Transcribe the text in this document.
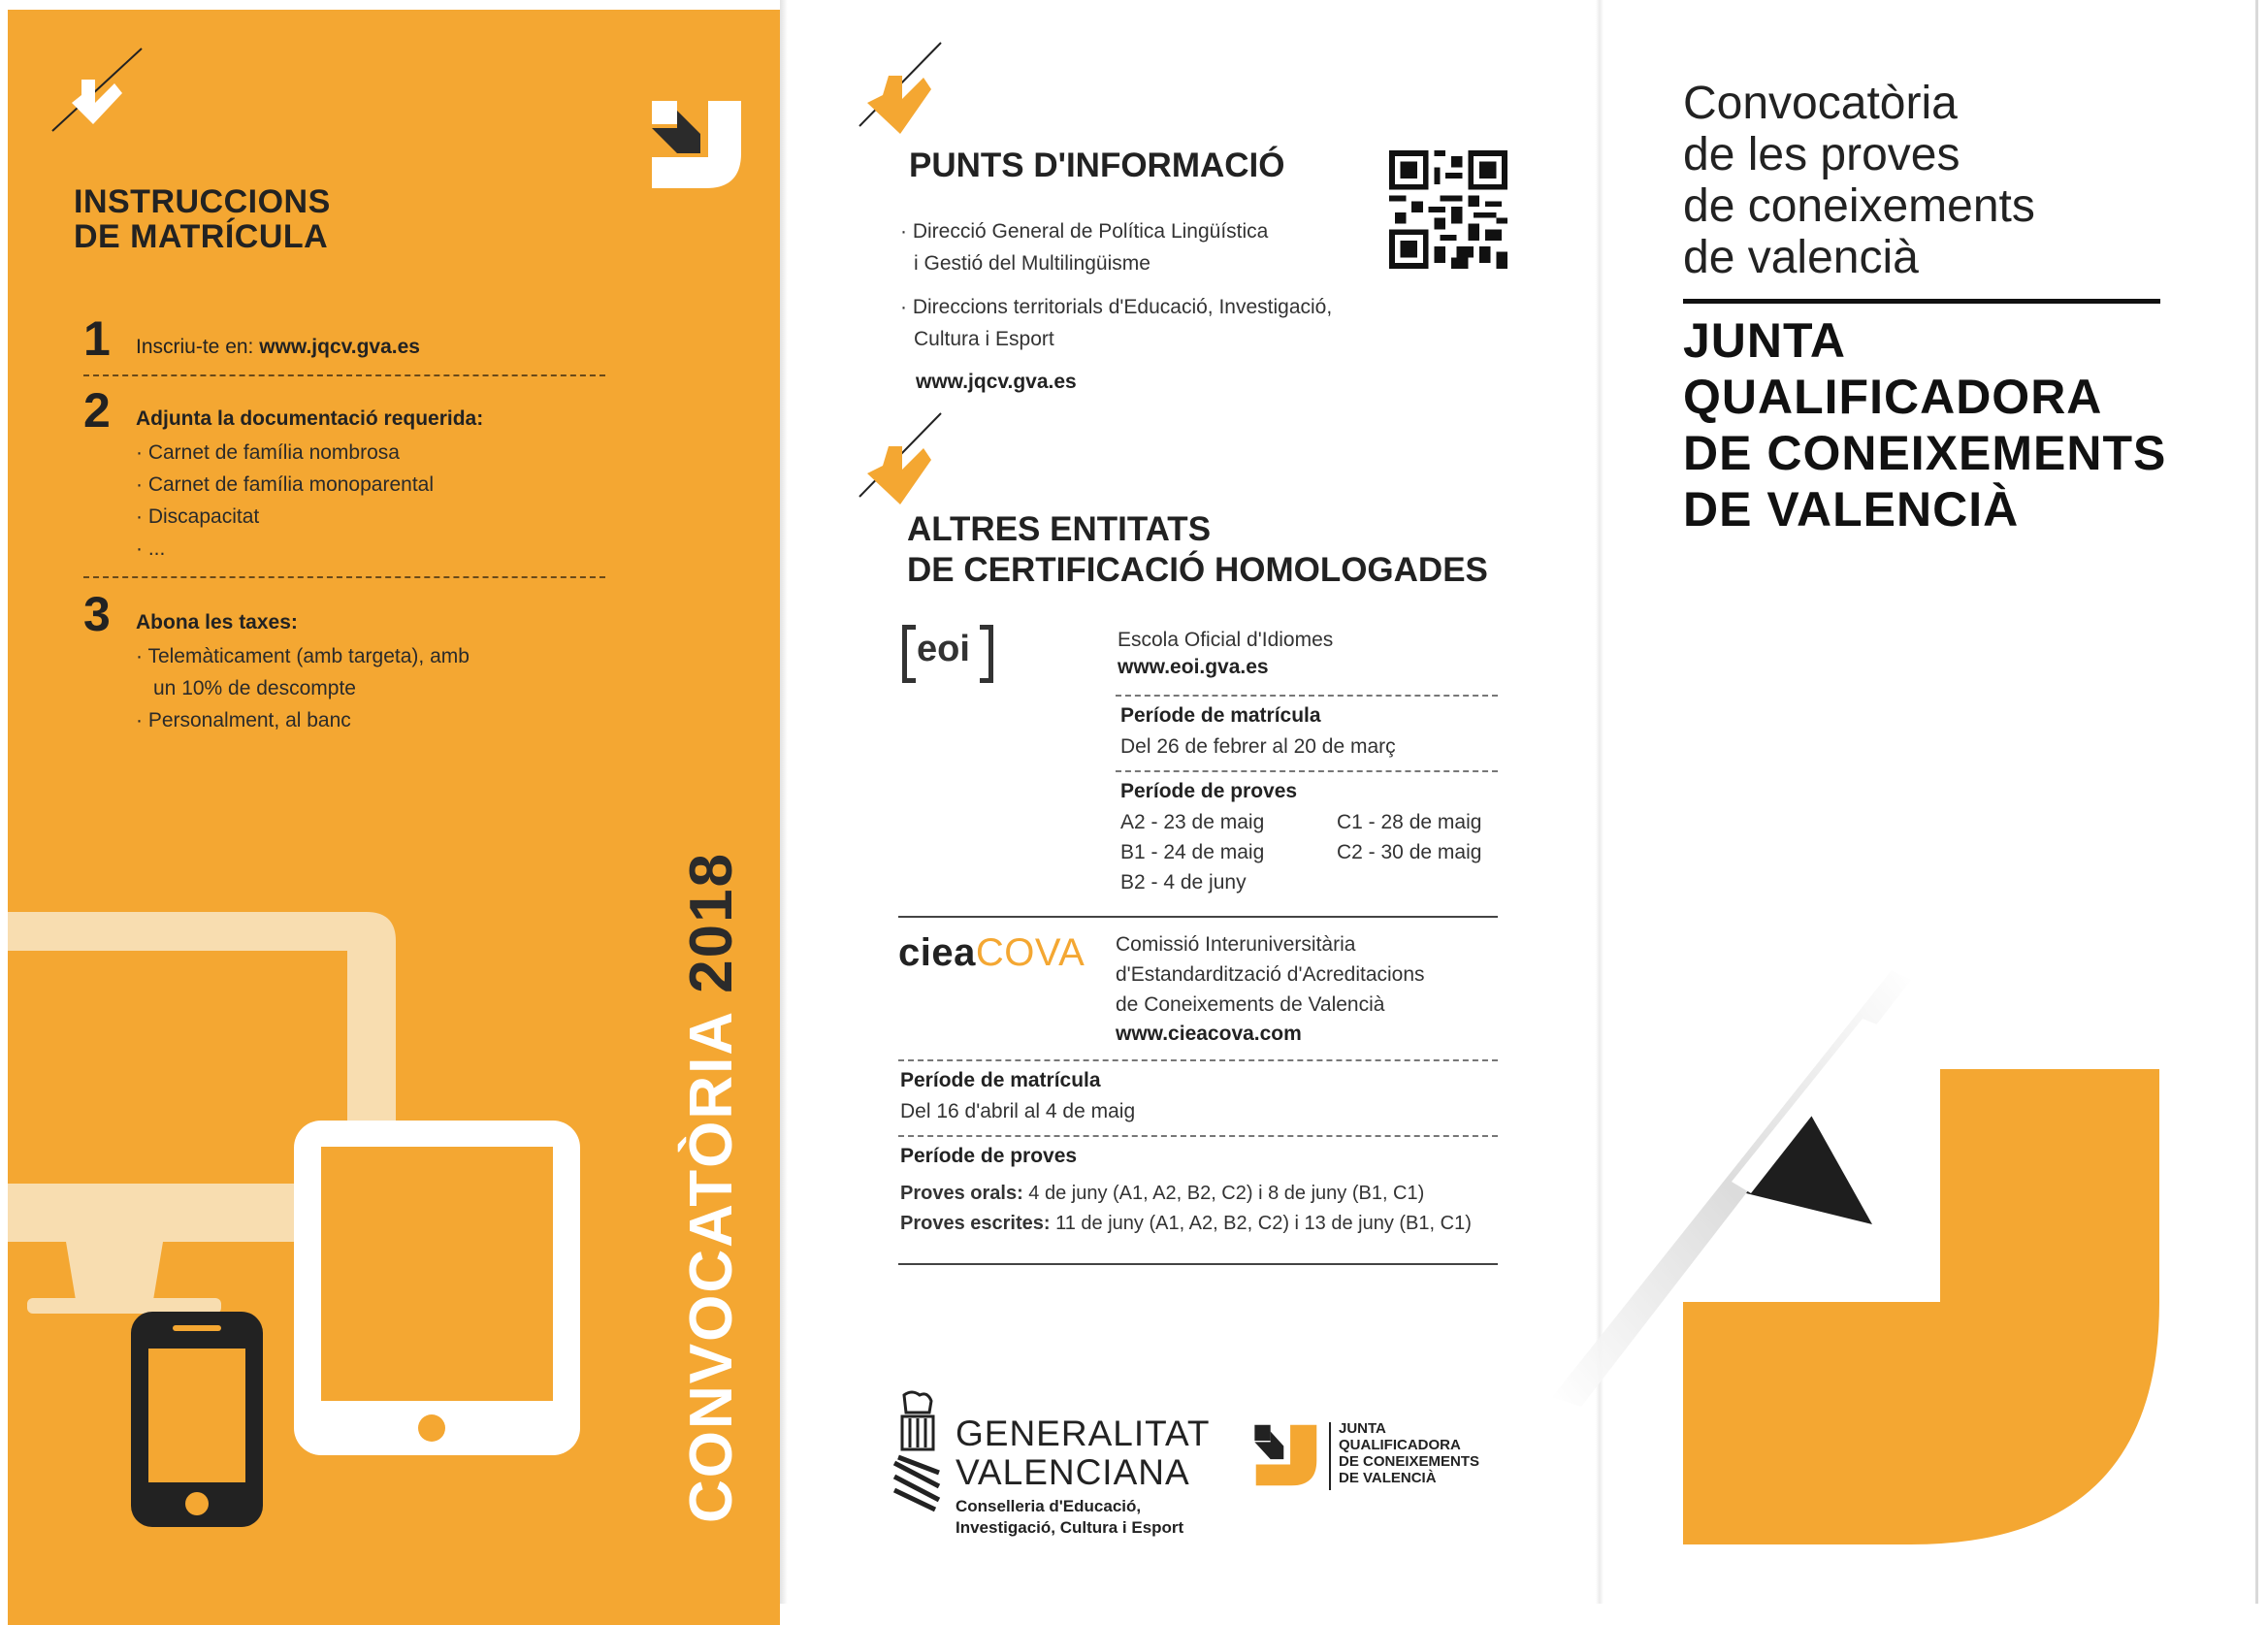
INSTRUCCIONS
DE MATRÍCULA
1 Inscriu-te en: www.jqcv.gva.es
2 Adjunta la documentació requerida:
· Carnet de família nombrosa
· Carnet de família monoparental
· Discapacitat
· ...
3 Abona les taxes:
· Telemàticament (amb targeta), amb
un 10% de descompte
· Personalment, al banc
CONVOCATÒRIA 2018
PUNTS D'INFORMACIÓ
· Direcció General de Política Lingüística
i Gestió del Multilingüisme
· Direccions territorials d'Educació, Investigació,
Cultura i Esport
www.jqcv.gva.es
ALTRES ENTITATS
DE CERTIFICACIÓ HOMOLOGADES
eoi	Escola Oficial d'Idiomes
www.eoi.gva.es
Període de matrícula
Del 26 de febrer al 20 de març
Període de proves
A2 - 23 de maig
B1 - 24 de maig
B2 - 4 de juny
C1 - 28 de maig
C2 - 30 de maig
cieaCOVA Comissió Interuniversitària
d'Estandardització d'Acreditacions
de Coneixements de Valencià
www.cieacova.com
Període de matrícula
Del 16 d'abril al 4 de maig
Període de proves
Proves orals: 4 de juny (A1, A2, B2, C2) i 8 de juny (B1, C1)
Proves escrites: 11 de juny (A1, A2, B2, C2) i 13 de juny (B1, C1)
GENERALITAT
VALENCIANA
Conselleria d'Educació,
Investigació, Cultura i Esport
JUNTA
QUALIFICADORA
DE CONEIXEMENTS
DE VALENCIÀ
Convocatòria
de les proves
de coneixements
de valencià
JUNTA
QUALIFICADORA
DE CONEIXEMENTS
DE VALENCIÀ
